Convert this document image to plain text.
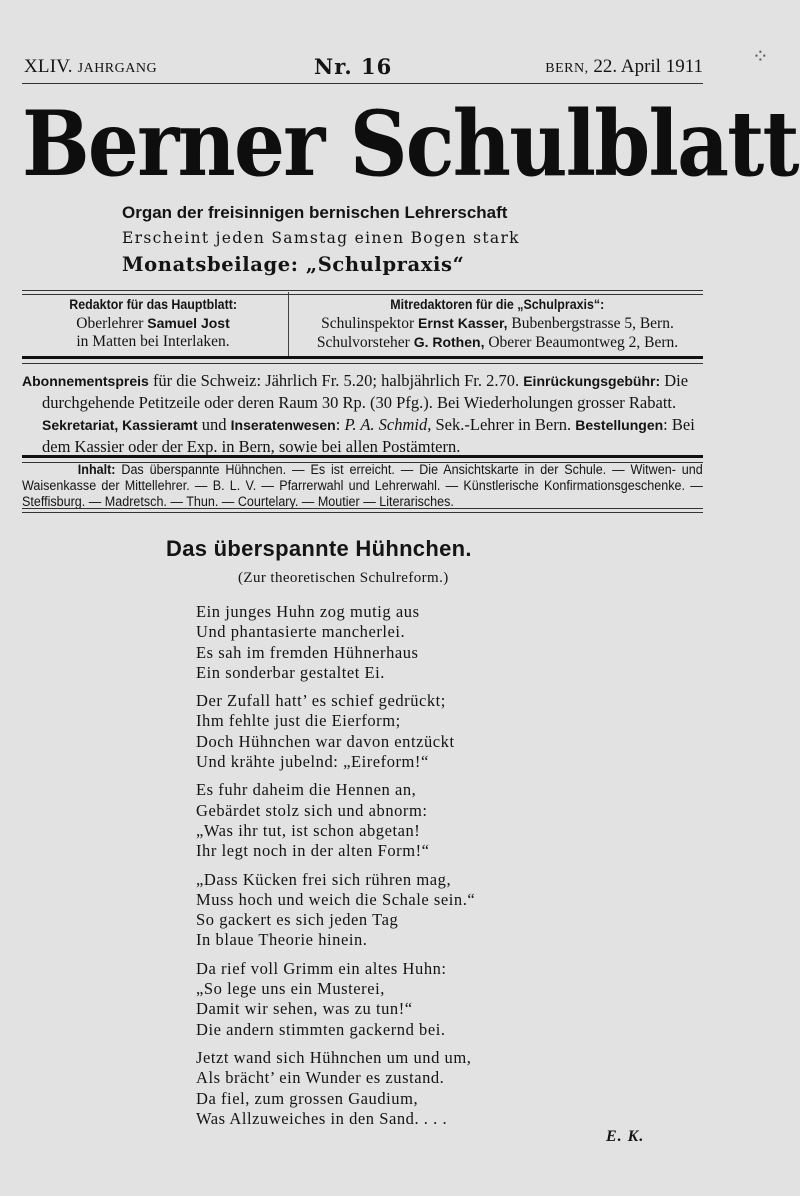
⁘
XLIV. JAHRGANG	Nr. 16	BERN, 22. April 1911
Berner Schulblatt
Organ der freisinnigen bernischen Lehrerschaft
Erscheint jeden Samstag einen Bogen stark
Monatsbeilage: „Schulpraxis“
Redaktor für das Hauptblatt:
Oberlehrer Samuel Jost
in Matten bei Interlaken.
Mitredaktoren für die „Schulpraxis“:
Schulinspektor Ernst Kasser, Bubenbergstrasse 5, Bern.
Schulvorsteher G. Rothen, Oberer Beaumontweg 2, Bern.

Abonnementspreis für die Schweiz: Jährlich Fr. 5.20; halbjährlich Fr. 2.70. Einrückungsgebühr: Die durchgehende Petitzeile oder deren Raum 30 Rp. (30 Pfg.). Bei Wiederholungen grosser Rabatt. Sekretariat, Kassieramt und Inseratenwesen: P. A. Schmid, Sek.-Lehrer in Bern. Bestellungen: Bei dem Kassier oder der Exp. in Bern, sowie bei allen Postämtern.

Inhalt: Das überspannte Hühnchen. — Es ist erreicht. — Die Ansichtskarte in der Schule. — Witwen- und Waisenkasse der Mittellehrer. — B. L. V. — Pfarrerwahl und Lehrerwahl. — Künstlerische Konfirmationsgeschenke. — Steffisburg. — Madretsch. — Thun. — Courtelary. — Moutier — Literarisches.
Das überspannte Hühnchen.
(Zur theoretischen Schulreform.)
Ein junges Huhn zog mutig aus
Und phantasierte mancherlei.
Es sah im fremden Hühnerhaus
Ein sonderbar gestaltet Ei.
Der Zufall hatt’ es schief gedrückt;
Ihm fehlte just die Eierform;
Doch Hühnchen war davon entzückt
Und krähte jubelnd: „Eireform!“
Es fuhr daheim die Hennen an,
Gebärdet stolz sich und abnorm:
„Was ihr tut, ist schon abgetan!
Ihr legt noch in der alten Form!“
„Dass Kücken frei sich rühren mag,
Muss hoch und weich die Schale sein.“
So gackert es sich jeden Tag
In blaue Theorie hinein.
Da rief voll Grimm ein altes Huhn:
„So lege uns ein Musterei,
Damit wir sehen, was zu tun!“
Die andern stimmten gackernd bei.
Jetzt wand sich Hühnchen um und um,
Als brächt’ ein Wunder es zustand.
Da fiel, zum grossen Gaudium,
Was Allzuweiches in den Sand. . . .
E. K.
